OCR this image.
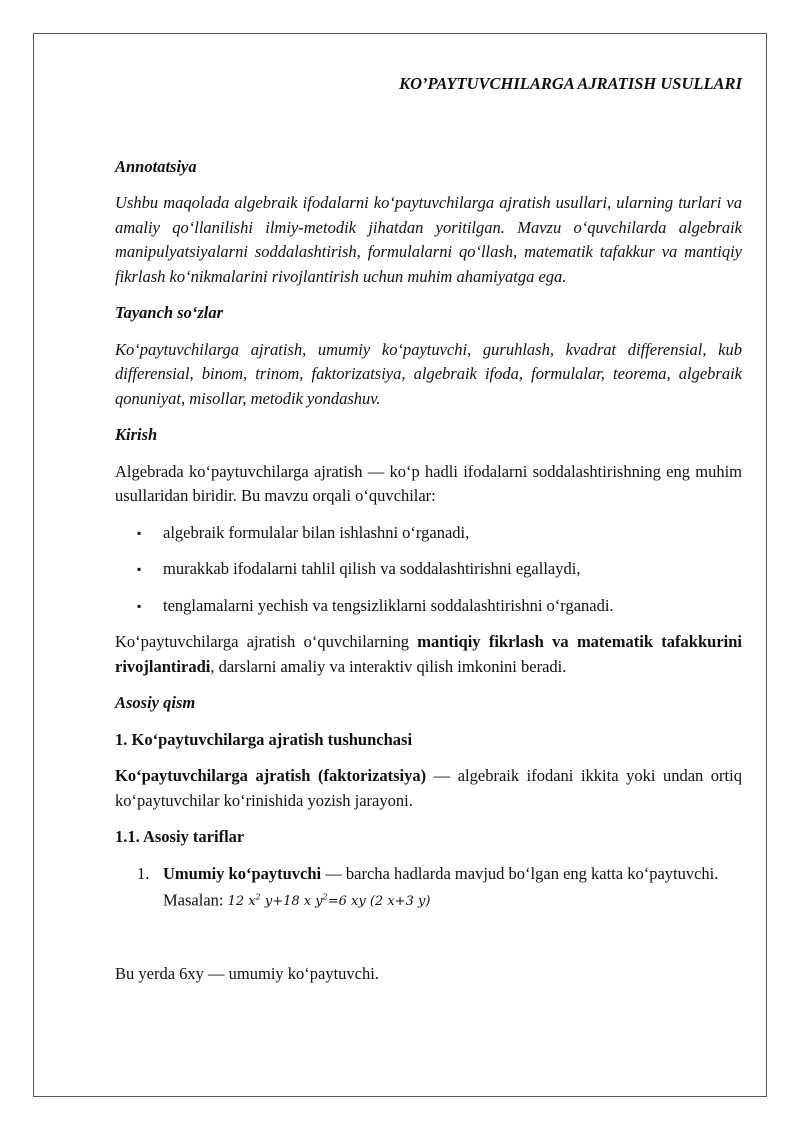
KO’PAYTUVCHILARGA AJRATISH USULLARI

Annotatsiya

Ushbu maqolada algebraik ifodalarni ko‘paytuvchilarga ajratish usullari, ularning turlari va amaliy qo‘llanilishi ilmiy-metodik jihatdan yoritilgan. Mavzu o‘quvchilarda algebraik manipulyatsiyalarni soddalashtirish, formulalarni qo‘llash, matematik tafakkur va mantiqiy fikrlash ko‘nikmalarini rivojlantirish uchun muhim ahamiyatga ega.

Tayanch so‘zlar

Ko‘paytuvchilarga ajratish, umumiy ko‘paytuvchi, guruhlash, kvadrat differensial, kub differensial, binom, trinom, faktorizatsiya, algebraik ifoda, formulalar, teorema, algebraik qonuniyat, misollar, metodik yondashuv.

Kirish

Algebrada ko‘paytuvchilarga ajratish — ko‘p hadli ifodalarni soddalashtirishning eng muhim usullaridan biridir. Bu mavzu orqali o‘quvchilar:

▪ algebraik formulalar bilan ishlashni o‘rganadi,
▪ murakkab ifodalarni tahlil qilish va soddalashtirishni egallaydi,
▪ tenglamalarni yechish va tengsizliklarni soddalashtirishni o‘rganadi.

Ko‘paytuvchilarga ajratish o‘quvchilarning mantiqiy fikrlash va matematik tafakkurini rivojlantiradi, darslarni amaliy va interaktiv qilish imkonini beradi.

Asosiy qism

1. Ko‘paytuvchilarga ajratish tushunchasi

Ko‘paytuvchilarga ajratish (faktorizatsiya) — algebraik ifodani ikkita yoki undan ortiq ko‘paytuvchilar ko‘rinishida yozish jarayoni.

1.1. Asosiy tariflar

1. Umumiy ko‘paytuvchi — barcha hadlarda mavjud bo‘lgan eng katta ko‘paytuvchi.
Masalan: 12 $x^2$ y+18 x $y^2=6$ xy (2 x+3 y)

Bu yerda 6xy — umumiy ko‘paytuvchi.
